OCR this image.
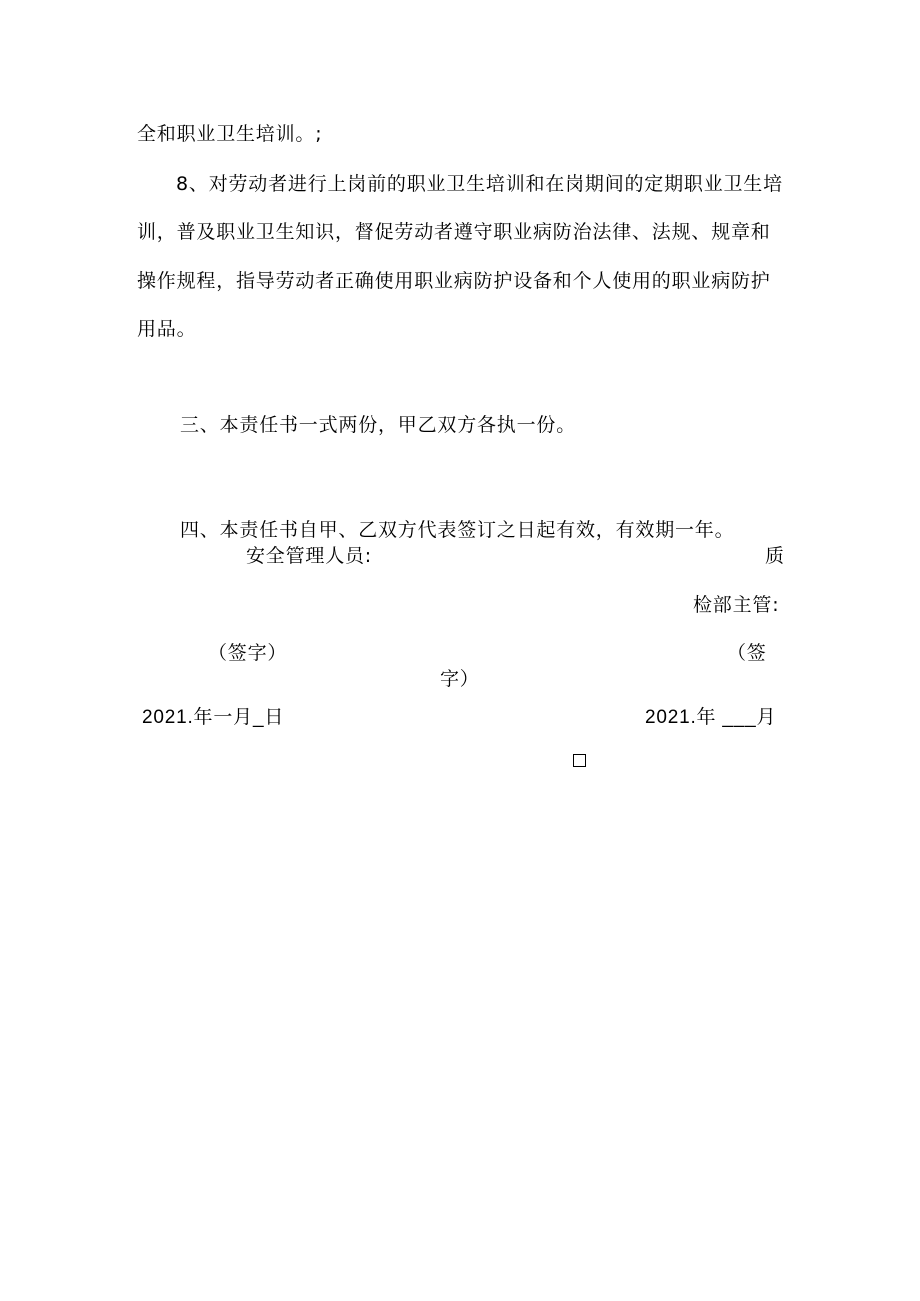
全和职业卫生培训。;
8、对劳动者进行上岗前的职业卫生培训和在岗期间的定期职业卫生培
训，普及职业卫生知识，督促劳动者遵守职业病防治法律、法规、规章和
操作规程，指导劳动者正确使用职业病防护设备和个人使用的职业病防护
用品。
三、本责任书一式两份，甲乙双方各执一份。
四、本责任书自甲、乙双方代表签订之日起有效，有效期一年。
安全管理人员:	质
检部主管:
（签字）	（签
字）
2021.年一月_日	2021.年 ___月
